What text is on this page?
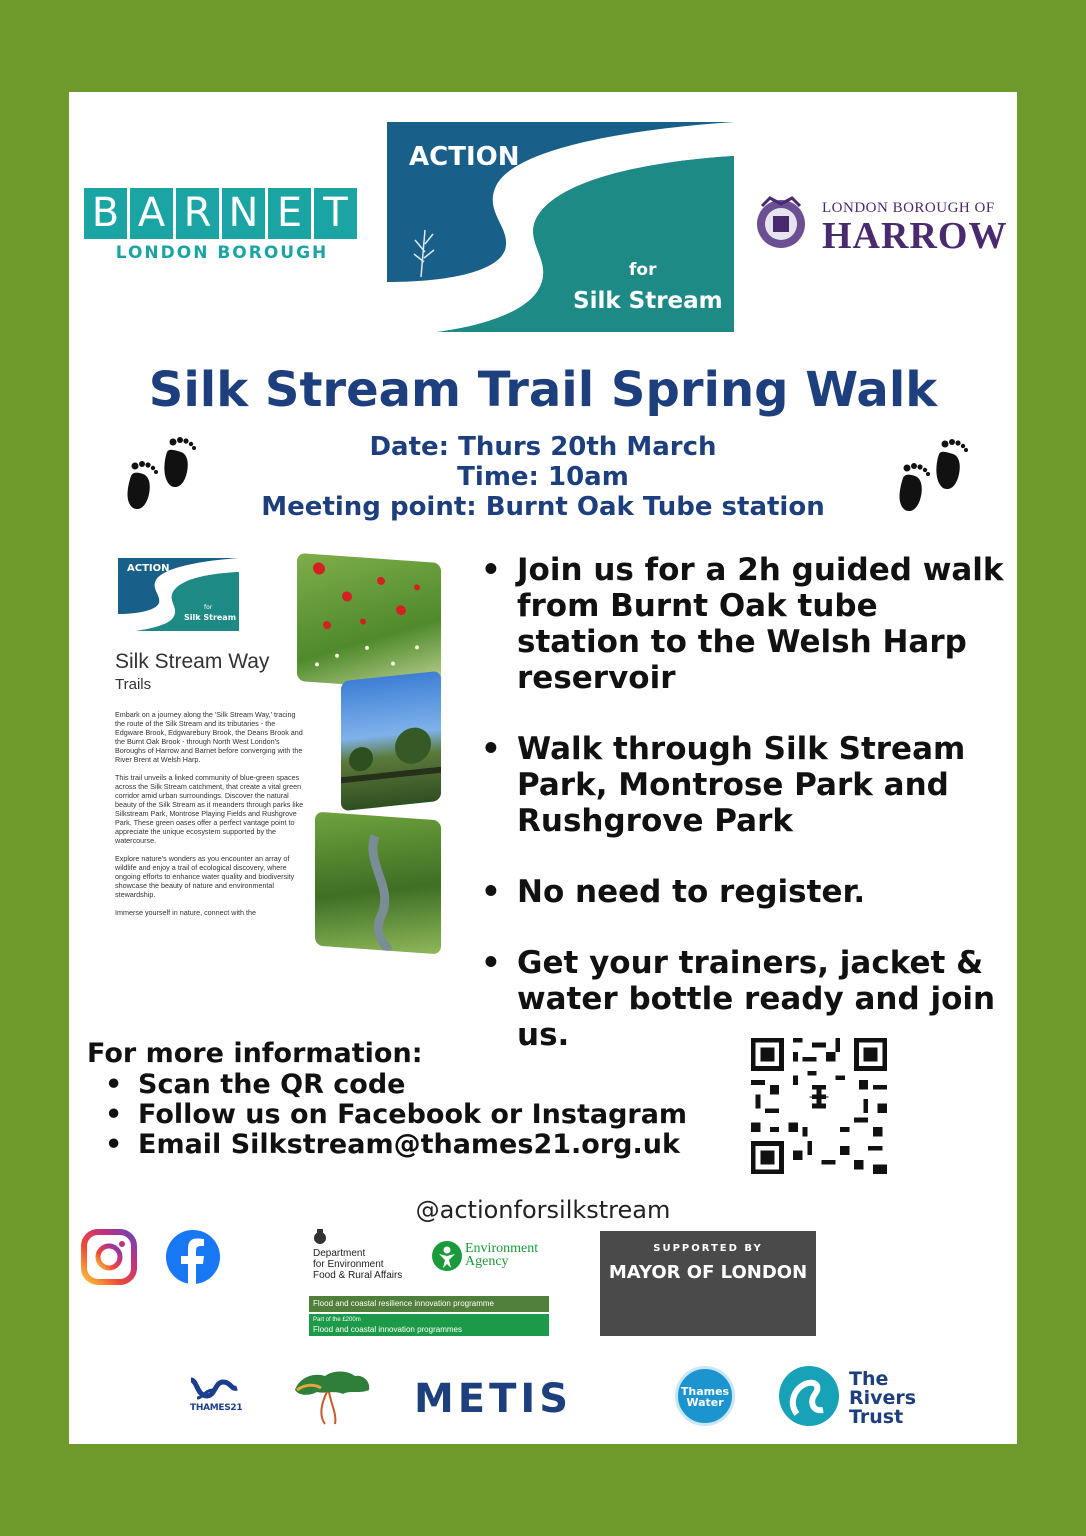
B A R N E T
LONDON BOROUGH
ACTION
for
Silk Stream
LONDON BOROUGH OF
HARROW
Silk Stream Trail Spring Walk
Date: Thurs 20th March
Time: 10am
Meeting point: Burnt Oak Tube station
ACTION
for
Silk Stream
Silk Stream Way
Trails

Embark on a journey along the 'Silk Stream Way,' tracing the route of the Silk Stream and its tributaries - the Edgware Brook, Edgwarebury Brook, the Deans Brook and the Burnt Oak Brook - through North West London's Boroughs of Harrow and Barnet before converging with the River Brent at Welsh Harp.

This trail unveils a linked community of blue-green spaces across the Silk Stream catchment, that create a vital green corridor amid urban surroundings. Discover the natural beauty of the Silk Stream as it meanders through parks like Silkstream Park, Montrose Playing Fields and Rushgrove Park. These green oases offer a perfect vantage point to appreciate the unique ecosystem supported by the watercourse.

Explore nature's wonders as you encounter an array of wildlife and enjoy a trail of ecological discovery, where ongoing efforts to enhance water quality and biodiversity showcase the beauty of nature and environmental stewardship.

Immerse yourself in nature, connect with the

• Join us for a 2h guided walk from Burnt Oak tube station to the Welsh Harp reservoir
• Walk through Silk Stream Park, Montrose Park and Rushgrove Park
• No need to register.
• Get your trainers, jacket & water bottle ready and join us.
For more information:
• Scan the QR code
• Follow us on Facebook or Instagram
• Email Silkstream@thames21.org.uk
@actionforsilkstream
Department
for Environment
Food & Rural Affairs
Environment
Agency
Flood and coastal resilience innovation programme
Part of the £200m
Flood and coastal innovation programmes
SUPPORTED BY
MAYOR OF LONDON
THAMES21	METIS	Thames
Water
The
Rivers
Trust
